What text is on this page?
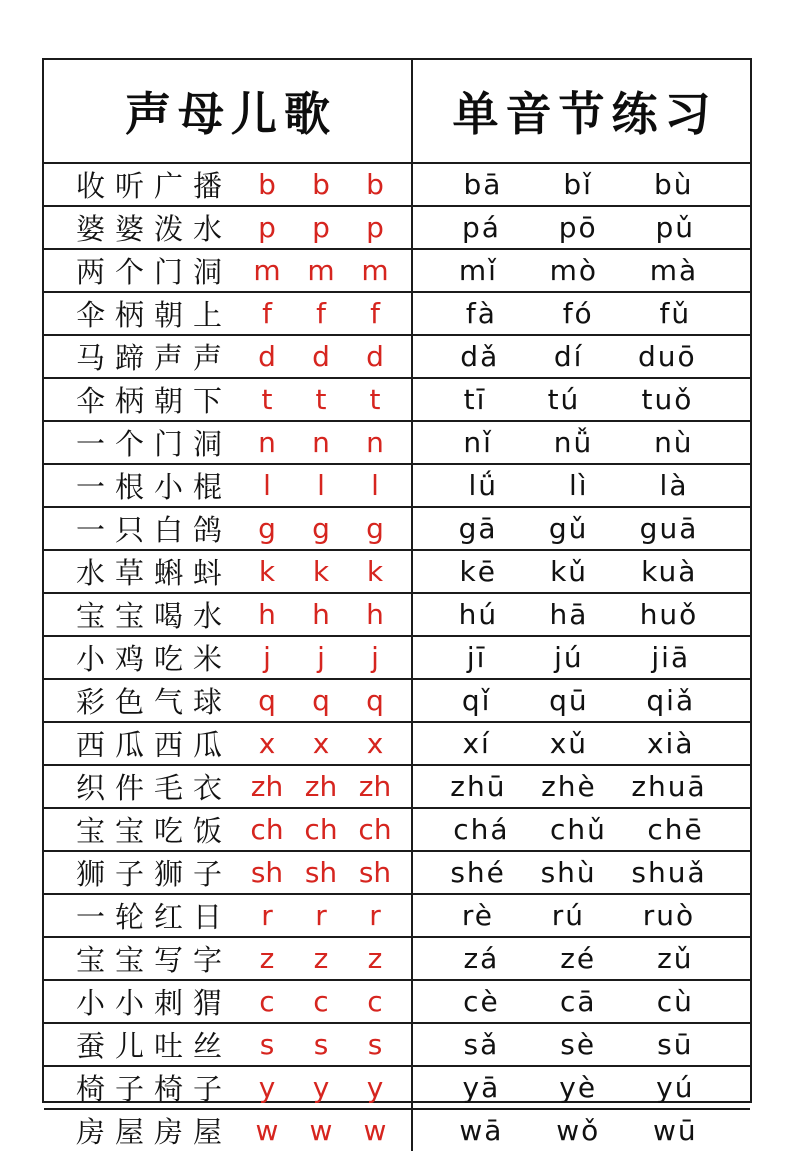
声母儿歌	单音节练习
收听广播 b	b	b	bā bǐ bù
婆婆泼水 p	p	p	pá pō pǔ
两个门洞 m m m	mǐ mò mà
伞柄朝上	f	f	f	fà fó fǔ
马蹄声声 d	d	d	dǎ dí duō
伞柄朝下	t	t	t	tī tú tuǒ
一个门洞 n	n	n	nǐ nǚ nù
一根小棍	l	l	l	lǘ	lì	là
一只白鸽 g	g	g	gā gǔ guā
水草蝌蚪 k	k	k	kē kǔ kuà
宝宝喝水 h	h	h	hú hā huǒ
小鸡吃米	j	j	j	jī jú jiā
彩色气球 q	q	q	qǐ qū qiǎ
西瓜西瓜 x	x	x	xí xǔ xià
织件毛衣 zh zh zh zhū zhè zhuā
宝宝吃饭 ch ch ch chá chǔ chē
狮子狮子 sh sh sh shé shù shuǎ
一轮红日	r	r	r	rè rú ruò
宝宝写字 z	z	z	zá zé zǔ
小小刺猬 c	c	c	cè cā cù
蚕儿吐丝 s	s	s	sǎ sè sū
椅子椅子 y	y	y	yā yè yú
房屋房屋 w	w	w	wā wǒ wū
